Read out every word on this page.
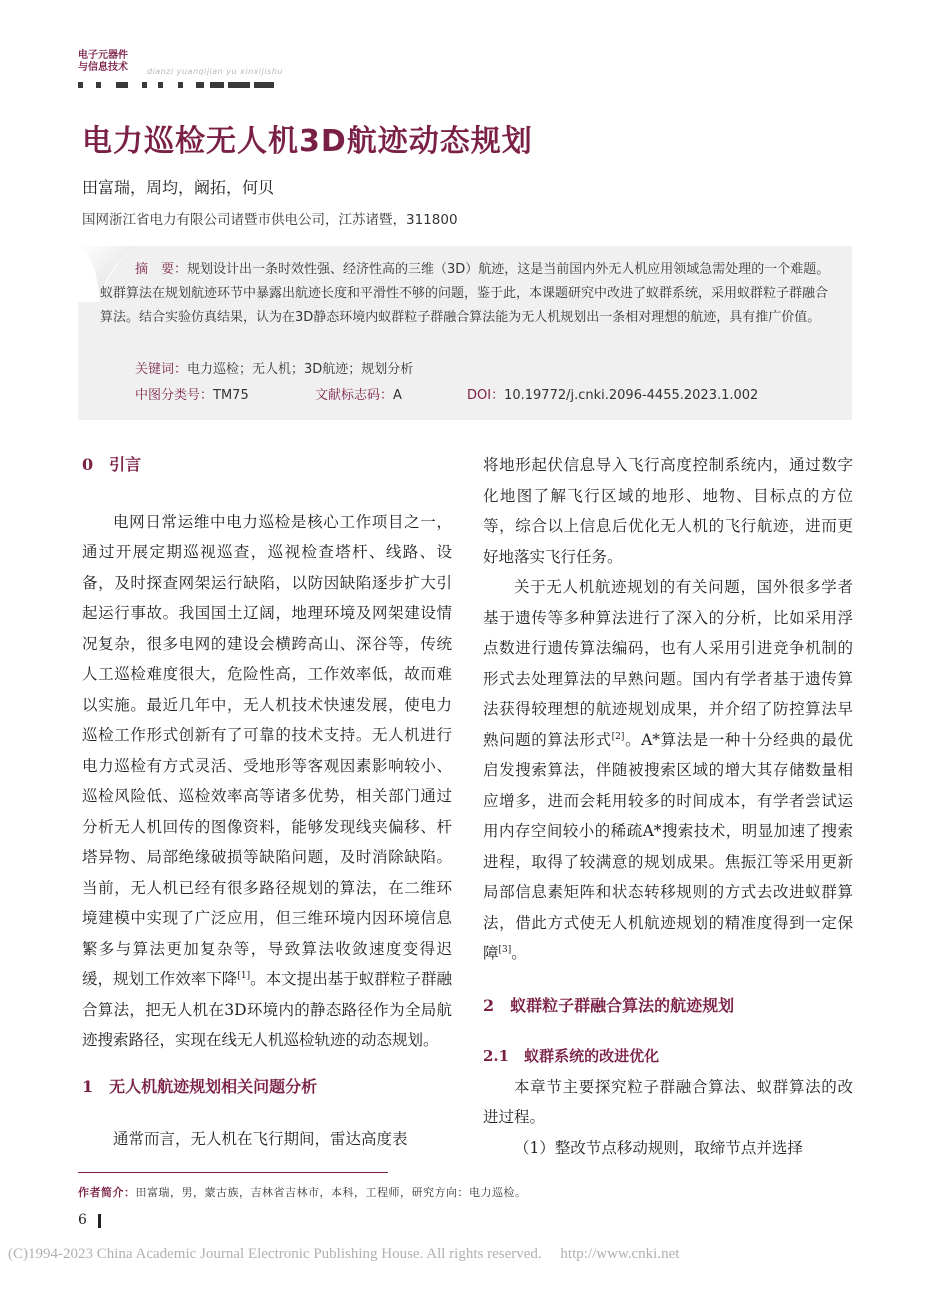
电子元器件
与信息技术 dianzi yuanqijian yu xinxijishu
电力巡检无人机3D航迹动态规划
田富瑞，周均，阚拓，何贝
国网浙江省电力有限公司诸暨市供电公司，江苏诸暨，311800
摘　要：规划设计出一条时效性强、经济性高的三维（3D）航迹，这是当前国内外无人机应用领域急需处理的一个难题。蚁群算法在规划航迹环节中暴露出航迹长度和平滑性不够的问题，鉴于此，本课题研究中改进了蚁群系统，采用蚁群粒子群融合算法。结合实验仿真结果，认为在3D静态环境内蚁群粒子群融合算法能为无人机规划出一条相对理想的航迹，具有推广价值。
关键词：电力巡检；无人机；3D航迹；规划分析
中图分类号：TM75	文献标志码：A	DOI：10.19772/j.cnki.2096-4455.2023.1.002
0　 引言

电网日常运维中电力巡检是核心工作项目之一，通过开展定期巡视巡查，巡视检查塔杆、线路、设备，及时探查网架运行缺陷，以防因缺陷逐步扩大引起运行事故。我国国土辽阔，地理环境及网架建设情况复杂，很多电网的建设会横跨高山、深谷等，传统人工巡检难度很大，危险性高，工作效率低，故而难以实施。最近几年中，无人机技术快速发展，使电力巡检工作形式创新有了可靠的技术支持。无人机进行电力巡检有方式灵活、受地形等客观因素影响较小、巡检风险低、巡检效率高等诸多优势，相关部门通过分析无人机回传的图像资料，能够发现线夹偏移、杆塔异物、局部绝缘破损等缺陷问题，及时消除缺陷。当前，无人机已经有很多路径规划的算法，在二维环境建模中实现了广泛应用，但三维环境内因环境信息繁多与算法更加复杂等，导致算法收敛速度变得迟缓，规划工作效率下降[1]。本文提出基于蚁群粒子群融合算法，把无人机在3D环境内的静态路径作为全局航迹搜索路径，实现在线无人机巡检轨迹的动态规划。

1　 无人机航迹规划相关问题分析

通常而言，无人机在飞行期间，雷达高度表

将地形起伏信息导入飞行高度控制系统内，通过数字化地图了解飞行区域的地形、地物、目标点的方位等，综合以上信息后优化无人机的飞行航迹，进而更好地落实飞行任务。

关于无人机航迹规划的有关问题，国外很多学者基于遗传等多种算法进行了深入的分析，比如采用浮点数进行遗传算法编码，也有人采用引进竞争机制的形式去处理算法的早熟问题。国内有学者基于遗传算法获得较理想的航迹规划成果，并介绍了防控算法早熟问题的算法形式[2]。A*算法是一种十分经典的最优启发搜索算法，伴随被搜索区域的增大其存储数量相应增多，进而会耗用较多的时间成本，有学者尝试运用内存空间较小的稀疏A*搜索技术，明显加速了搜索进程，取得了较满意的规划成果。焦振江等采用更新局部信息素矩阵和状态转移规则的方式去改进蚁群算法，借此方式使无人机航迹规划的精准度得到一定保障[3]。

2　 蚁群粒子群融合算法的航迹规划
2.1　 蚁群系统的改进优化

本章节主要探究粒子群融合算法、蚁群算法的改进过程。

（1）整改节点移动规则，取缔节点并选择

作者简介：田富瑞，男，蒙古族，吉林省吉林市，本科，工程师，研究方向：电力巡检。
6
(C)1994-2023 China Academic Journal Electronic Publishing House. All rights reserved.　 http://www.cnki.net
